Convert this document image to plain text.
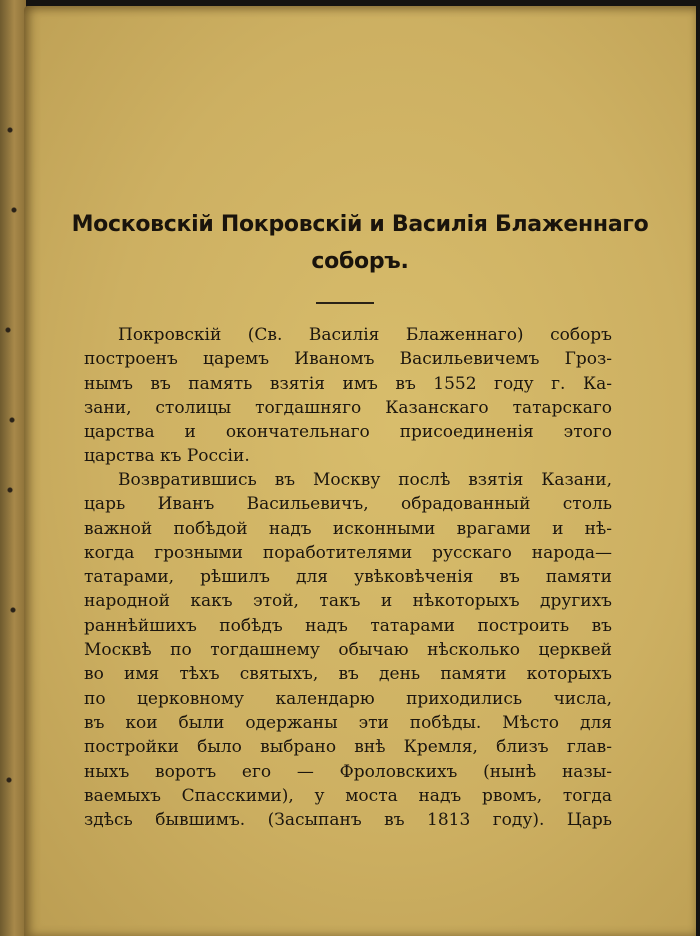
Московскій Покровскій и Василія Блаженнаго
соборъ.
Покровскій (Св. Василія Блаженнаго) соборъ
построенъ царемъ Иваномъ Васильевичемъ Гроз-
нымъ въ память взятія имъ въ 1552 году г. Ка-
зани, столицы тогдашняго Казанскаго татарскаго
царства и окончательнаго присоединенія этого
царства къ Россіи.
Возвратившись въ Москву послѣ взятія Казани,
царь Иванъ Васильевичъ, обрадованный столь
важной побѣдой надъ исконными врагами и нѣ-
когда грозными поработителями русскаго народа—
татарами, рѣшилъ для увѣковѣченія въ памяти
народной какъ этой, такъ и нѣкоторыхъ другихъ
раннѣйшихъ побѣдъ надъ татарами построить въ
Москвѣ по тогдашнему обычаю нѣсколько церквей
во имя тѣхъ святыхъ, въ день памяти которыхъ
по церковному календарю приходились числа,
въ кои были одержаны эти побѣды. Мѣсто для
постройки было выбрано внѣ Кремля, близъ глав-
ныхъ воротъ его — Фроловскихъ (нынѣ назы-
ваемыхъ Спасскими), у моста надъ рвомъ, тогда
здѣсь бывшимъ. (Засыпанъ въ 1813 году). Царь
